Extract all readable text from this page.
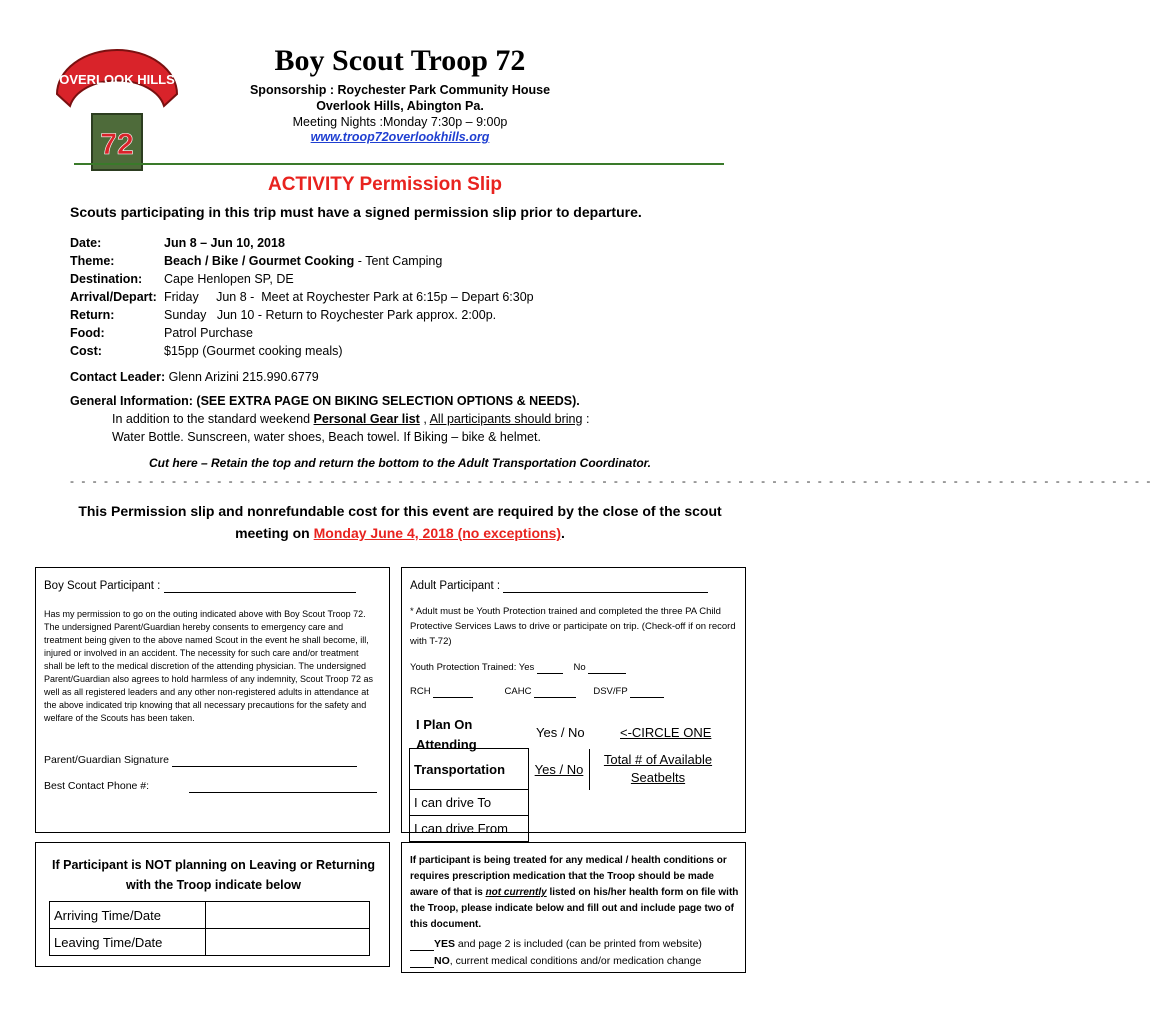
OVERLOOK HILLS
ABINGTON PA
72
Boy Scout Troop 72
Sponsorship : Roychester Park Community House
Overlook Hills, Abington Pa.
Meeting Nights :Monday 7:30p – 9:00p
www.troop72overlookhills.org
ACTIVITY Permission Slip
Scouts participating in this trip must have a signed permission slip prior to departure.
Date:	Jun 8 – Jun 10, 2018
Theme:	Beach / Bike / Gourmet Cooking - Tent Camping
Destination: Cape Henlopen SP, DE
Arrival/Depart: Friday     Jun 8 -  Meet at Roychester Park at 6:15p – Depart 6:30p
Return:	Sunday   Jun 10 - Return to Roychester Park approx. 2:00p.
Food:	Patrol Purchase
Cost:	$15pp (Gourmet cooking meals)
Contact Leader: Glenn Arizini 215.990.6779
General Information: (SEE EXTRA PAGE ON BIKING SELECTION OPTIONS & NEEDS).
In addition to the standard weekend Personal Gear list , All participants should bring :
Water Bottle. Sunscreen, water shoes, Beach towel. If Biking – bike & helmet.
Cut here – Retain the top and return the bottom to the Adult Transportation Coordinator.
- - - - - - - - - - - - - - - - - - - - - - - - - - - - - - - - - - - - - - - - - - - - - - - - - - - - - - - - - - - - - - - - - - - - - - - - - - - - - - - - - - - - - - - - - - - - - - - -
This Permission slip and nonrefundable cost for this event are required by the close of the scout
meeting on Monday June 4, 2018 (no exceptions).
Boy Scout Participant :
Has my permission to go on the outing indicated above with Boy Scout Troop 72. The undersigned Parent/Guardian hereby consents to emergency care and treatment being given to the above named Scout in the event he shall become, ill, injured or involved in an accident. The necessity for such care and/or treatment shall be left to the medical discretion of the attending physician. The undersigned Parent/Guardian also agrees to hold harmless of any indemnity, Scout Troop 72 as well as all registered leaders and any other non-registered adults in attendance at the above indicated trip knowing that all necessary precautions for the safety and welfare of the Scouts has been taken.
Parent/Guardian Signature
Best Contact Phone #:
Adult Participant :
* Adult must be Youth Protection trained and completed the three PA Child Protective Services Laws to drive or participate on trip. (Check-off if on record with T-72)
Youth Protection Trained: Yes	No
RCH	CAHC	DSV/FP
I Plan On Attending
Yes / No	<-CIRCLE ONE
Transportation	Yes / No	Total # of Available Seatbelts
I can drive To		
I can drive From		
If Participant is NOT planning on Leaving or Returning with the Troop indicate below
Arriving Time/Date	
Leaving Time/Date	
If participant is being treated for any medical / health conditions or requires prescription medication that the Troop should be made aware of that is not currently listed on his/her health form on file with the Troop, please indicate below and fill out and include page two of this document.
YES and page 2 is included (can be printed from website)
NO, current medical conditions and/or medication change
